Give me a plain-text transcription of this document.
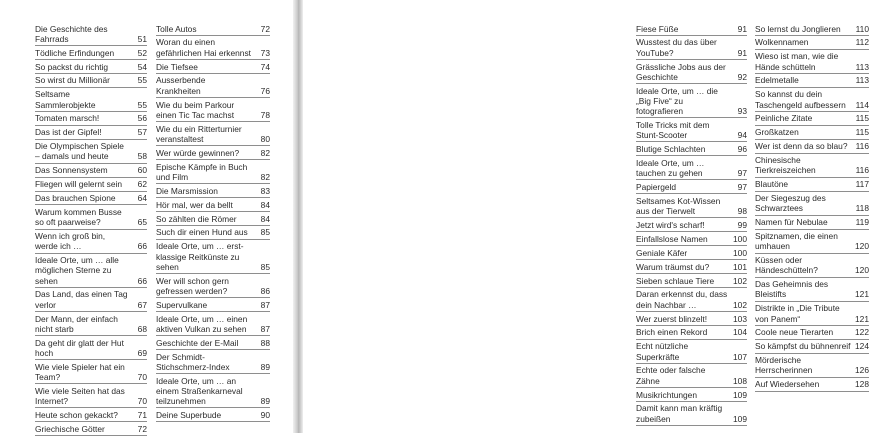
Die Geschichte des Fahrrads	51
Tödliche Erfindungen	52
So packst du richtig	54
So wirst du Millionär	55
Seltsame Sammlerobjekte	55
Tomaten marsch!	56
Das ist der Gipfel!	57
Die Olympischen Spiele – damals und heute	58
Das Sonnensystem	60
Fliegen will gelernt sein	62
Das brauchen Spione	64
Warum kommen Busse so oft paarweise?	65
Wenn ich groß bin, werde ich …	66
Ideale Orte, um … alle möglichen Sterne zu sehen	66
Das Land, das einen Tag verlor	67
Der Mann, der einfach nicht starb	68
Da geht dir glatt der Hut hoch	69
Wie viele Spieler hat ein Team?	70
Wie viele Seiten hat das Internet?	70
Heute schon gekackt?	71
Griechische Götter	72
Tolle Autos	72
Woran du einen gefährlichen Hai erkennst	73
Die Tiefsee	74
Ausserbende Krankheiten	76
Wie du beim Parkour einen Tic Tac machst	78
Wie du ein Ritterturnier veranstaltest	80
Wer würde gewinnen?	82
Epische Kämpfe in Buch und Film	82
Die Marsmission	83
Hör mal, wer da bellt	84
So zählten die Römer	84
Such dir einen Hund aus	85
Ideale Orte, um … erst-klassige Reitkünste zu sehen	85
Wer will schon gern gefressen werden?	86
Supervulkane	87
Ideale Orte, um … einen aktiven Vulkan zu sehen	87
Geschichte der E-Mail	88
Der Schmidt-Stichschmerz-Index	89
Ideale Orte, um … an einem Straßenkarneval teilzunehmen	89
Deine Superbude	90
Fiese Füße	91
Wusstest du das über YouTube?	91
Grässliche Jobs aus der Geschichte	92
Ideale Orte, um … die „Big Five“ zu fotografieren	93
Tolle Tricks mit dem Stunt-Scooter	94
Blutige Schlachten	96
Ideale Orte, um … tauchen zu gehen	97
Papiergeld	97
Seltsames Kot-Wissen aus der Tierwelt	98
Jetzt wird's scharf!	99
Einfallslose Namen	100
Geniale Käfer	100
Warum träumst du?	101
Sieben schlaue Tiere	102
Daran erkennst du, dass dein Nachbar …	102
Wer zuerst blinzelt!	103
Brich einen Rekord	104
Echt nützliche Superkräfte	107
Echte oder falsche Zähne	108
Musikrichtungen	109
Damit kann man kräftig zubeißen	109
So lernst du Jonglieren	110
Wolkennamen	112
Wieso ist man, wie die Hände schütteln	113
Edelmetalle	113
So kannst du dein Taschengeld aufbessern	114
Peinliche Zitate	115
Großkatzen	115
Wer ist denn da so blau? 116
Chinesische Tierkreiszeichen	116
Blautöne	117
Der Siegeszug des Schwarztees	118
Namen für Nebulae	119
Spitznamen, die einen umhauen	120
Küssen oder Händeschütteln?	120
Das Geheimnis des Bleistifts	121
Distrikte in „Die Tribute von Panem“	121
Coole neue Tierarten	122
So kämpfst du bühnenreif 124
Mörderische Herrscherinnen	126
Auf Wiedersehen	128
